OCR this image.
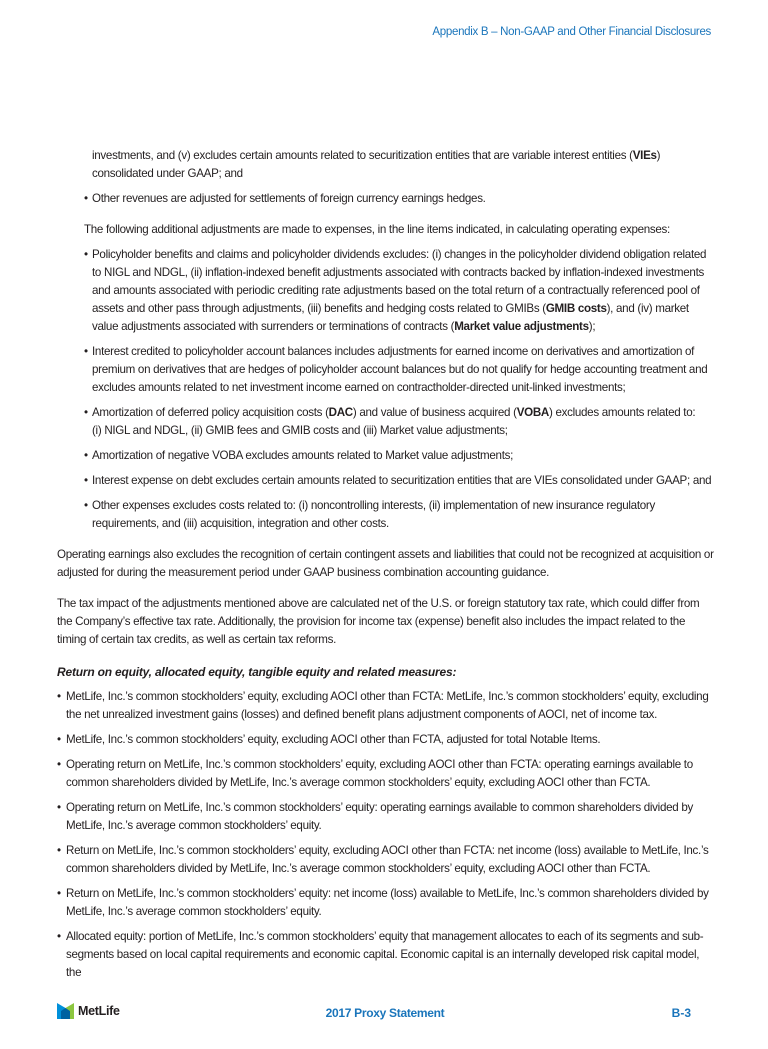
Appendix B – Non-GAAP and Other Financial Disclosures

investments, and (v) excludes certain amounts related to securitization entities that are variable interest entities (VIEs) consolidated under GAAP; and

• Other revenues are adjusted for settlements of foreign currency earnings hedges.

The following additional adjustments are made to expenses, in the line items indicated, in calculating operating expenses:

• Policyholder benefits and claims and policyholder dividends excludes: (i) changes in the policyholder dividend obligation related to NIGL and NDGL, (ii) inflation-indexed benefit adjustments associated with contracts backed by inflation-indexed investments and amounts associated with periodic crediting rate adjustments based on the total return of a contractually referenced pool of assets and other pass through adjustments, (iii) benefits and hedging costs related to GMIBs (GMIB costs), and (iv) market value adjustments associated with surrenders or terminations of contracts (Market value adjustments);
• Interest credited to policyholder account balances includes adjustments for earned income on derivatives and amortization of premium on derivatives that are hedges of policyholder account balances but do not qualify for hedge accounting treatment and excludes amounts related to net investment income earned on contractholder-directed unit-linked investments;
• Amortization of deferred policy acquisition costs (DAC) and value of business acquired (VOBA) excludes amounts related to:
(i) NIGL and NDGL, (ii) GMIB fees and GMIB costs and (iii) Market value adjustments;
• Amortization of negative VOBA excludes amounts related to Market value adjustments;
• Interest expense on debt excludes certain amounts related to securitization entities that are VIEs consolidated under GAAP; and
• Other expenses excludes costs related to: (i) noncontrolling interests, (ii) implementation of new insurance regulatory requirements, and (iii) acquisition, integration and other costs.

Operating earnings also excludes the recognition of certain contingent assets and liabilities that could not be recognized at acquisition or adjusted for during the measurement period under GAAP business combination accounting guidance.

The tax impact of the adjustments mentioned above are calculated net of the U.S. or foreign statutory tax rate, which could differ from the Company’s effective tax rate. Additionally, the provision for income tax (expense) benefit also includes the impact related to the timing of certain tax credits, as well as certain tax reforms.

Return on equity, allocated equity, tangible equity and related measures:
• MetLife, Inc.’s common stockholders’ equity, excluding AOCI other than FCTA: MetLife, Inc.’s common stockholders’ equity, excluding the net unrealized investment gains (losses) and defined benefit plans adjustment components of AOCI, net of income tax.
• MetLife, Inc.’s common stockholders’ equity, excluding AOCI other than FCTA, adjusted for total Notable Items.
• Operating return on MetLife, Inc.’s common stockholders’ equity, excluding AOCI other than FCTA: operating earnings available to common shareholders divided by MetLife, Inc.’s average common stockholders’ equity, excluding AOCI other than FCTA.
• Operating return on MetLife, Inc.’s common stockholders’ equity: operating earnings available to common shareholders divided by MetLife, Inc.’s average common stockholders’ equity.
• Return on MetLife, Inc.’s common stockholders’ equity, excluding AOCI other than FCTA: net income (loss) available to MetLife, Inc.’s common shareholders divided by MetLife, Inc.’s average common stockholders’ equity, excluding AOCI other than FCTA.
• Return on MetLife, Inc.’s common stockholders’ equity: net income (loss) available to MetLife, Inc.’s common shareholders divided by MetLife, Inc.’s average common stockholders’ equity.
• Allocated equity: portion of MetLife, Inc.’s common stockholders’ equity that management allocates to each of its segments and sub-segments based on local capital requirements and economic capital. Economic capital is an internally developed risk capital model, the
MetLife	2017 Proxy Statement	B-3
